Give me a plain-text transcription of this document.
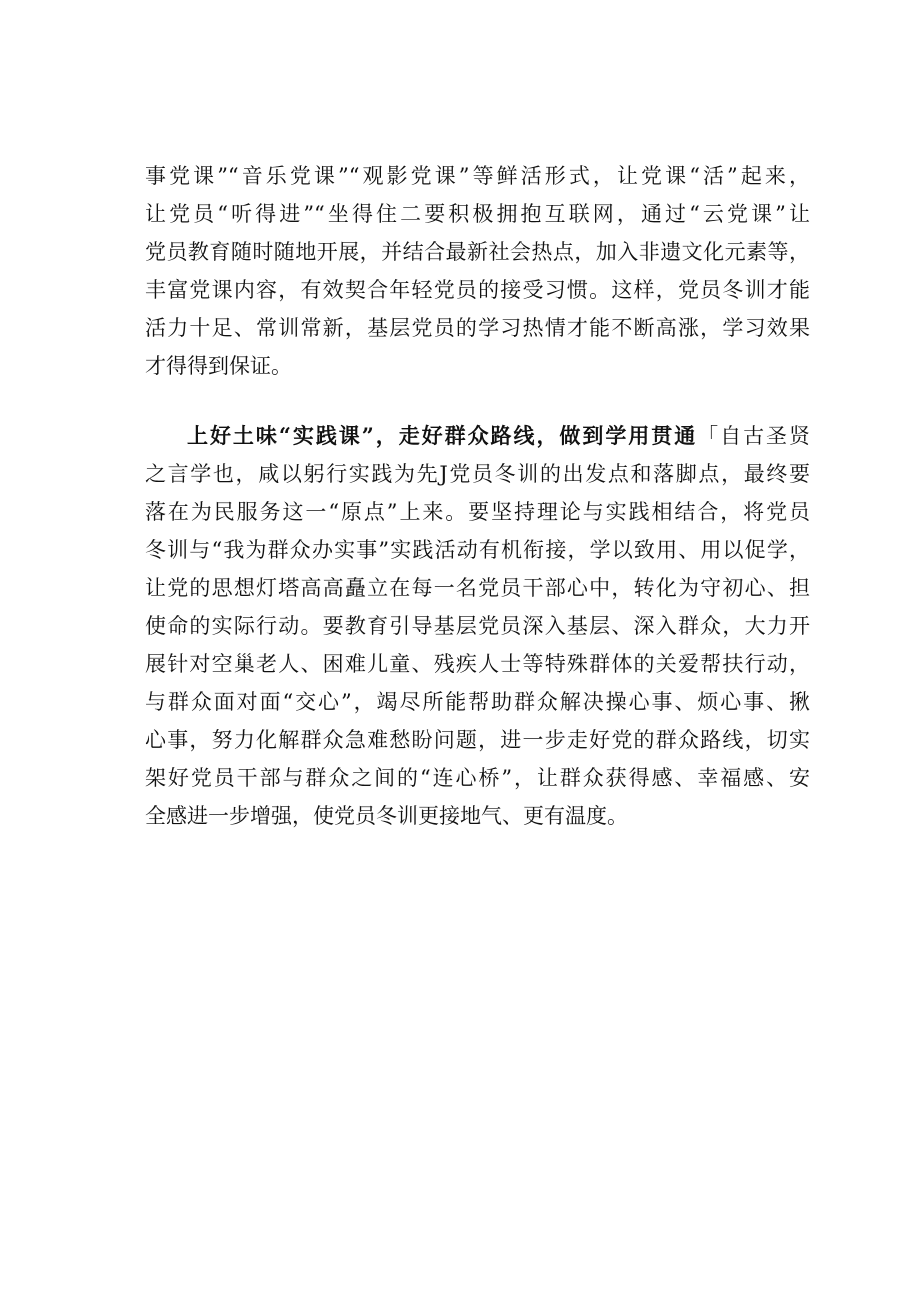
事党课”“音乐党课”“观影党课”等鲜活形式，让党课“活”起来，
让党员“听得进”“坐得住二要积极拥抱互联网，通过“云党课”让
党员教育随时随地开展，并结合最新社会热点，加入非遗文化元素等，
丰富党课内容，有效契合年轻党员的接受习惯。这样，党员冬训才能
活力十足、常训常新，基层党员的学习热情才能不断高涨，学习效果
才得得到保证。
上好土味“实践课”，走好群众路线，做到学用贯通「自古圣贤
之言学也，咸以躬行实践为先J党员冬训的出发点和落脚点，最终要
落在为民服务这一“原点”上来。要坚持理论与实践相结合，将党员
冬训与“我为群众办实事”实践活动有机衔接，学以致用、用以促学，
让党的思想灯塔高高矗立在每一名党员干部心中，转化为守初心、担
使命的实际行动。要教育引导基层党员深入基层、深入群众，大力开
展针对空巢老人、困难儿童、残疾人士等特殊群体的关爱帮扶行动，
与群众面对面“交心”，竭尽所能帮助群众解决操心事、烦心事、揪
心事，努力化解群众急难愁盼问题，进一步走好党的群众路线，切实
架好党员干部与群众之间的“连心桥”，让群众获得感、幸福感、安
全感进一步增强，使党员冬训更接地气、更有温度。
